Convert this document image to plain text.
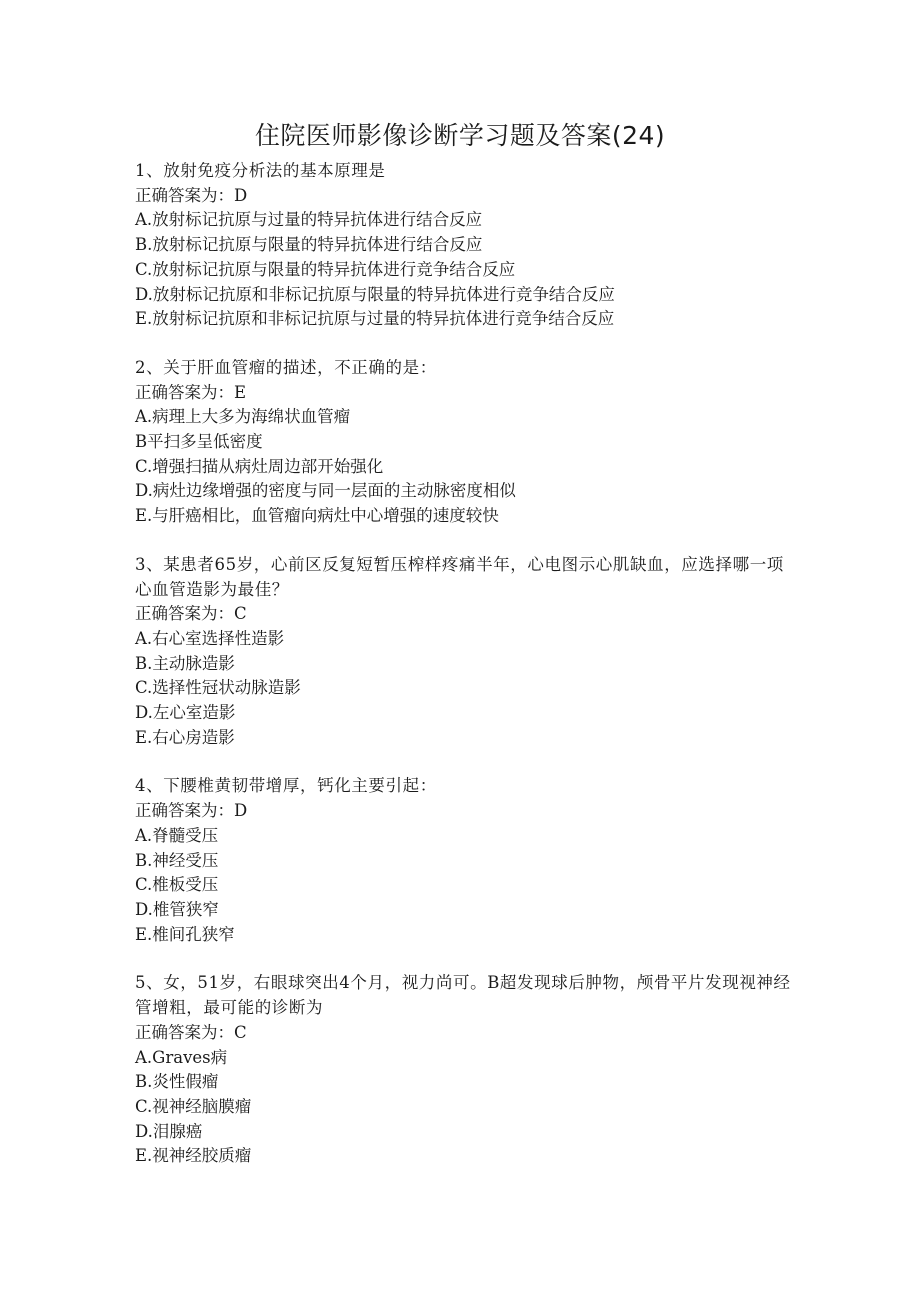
住院医师影像诊断学习题及答案(24)

1、放射免疫分析法的基本原理是

正确答案为：D

A.放射标记抗原与过量的特异抗体进行结合反应

B.放射标记抗原与限量的特异抗体进行结合反应

C.放射标记抗原与限量的特异抗体进行竞争结合反应

D.放射标记抗原和非标记抗原与限量的特异抗体进行竞争结合反应

E.放射标记抗原和非标记抗原与过量的特异抗体进行竞争结合反应

2、关于肝血管瘤的描述，不正确的是：

正确答案为：E

A.病理上大多为海绵状血管瘤

B平扫多呈低密度

C.增强扫描从病灶周边部开始强化

D.病灶边缘增强的密度与同一层面的主动脉密度相似

E.与肝癌相比，血管瘤向病灶中心增强的速度较快

3、某患者65岁，心前区反复短暂压榨样疼痛半年，心电图示心肌缺血，应选择哪一项心血管造影为最佳？

正确答案为：C

A.右心室选择性造影

B.主动脉造影

C.选择性冠状动脉造影

D.左心室造影

E.右心房造影

4、下腰椎黄韧带增厚，钙化主要引起：

正确答案为：D

A.脊髓受压

B.神经受压

C.椎板受压

D.椎管狭窄

E.椎间孔狭窄

5、女，51岁，右眼球突出4个月，视力尚可。B超发现球后肿物，颅骨平片发现视神经管增粗，最可能的诊断为

正确答案为：C

A.Graves病

B.炎性假瘤

C.视神经脑膜瘤

D.泪腺癌

E.视神经胶质瘤
